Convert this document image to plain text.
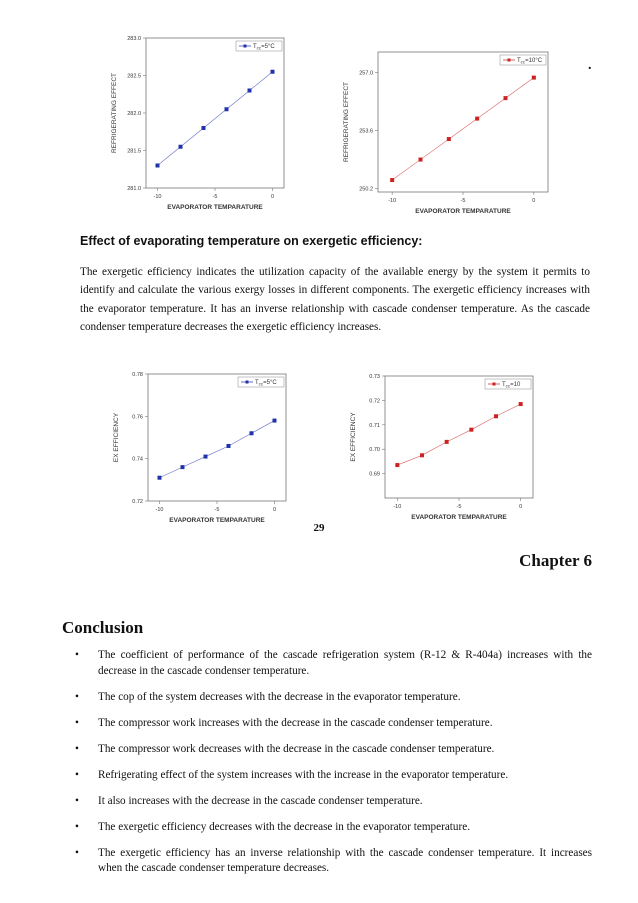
-10	-5	0
281.0
281.5
282.0
282.5
283.0
EVAPORATOR TEMPARATURE
REFRIGERATING EFFECT
$T_{cc}=5^\circ C$
-10	-5	0
250.2
253.6
257.0
EVAPORATOR TEMPARATURE
REFRIGERATING EFFECT
$T_{cc}=10^\circ C$	.
Effect of evaporating temperature on exergetic efficiency:
The exergetic efficiency indicates the utilization capacity of the available energy by the system it permits to identify and calculate the various exergy losses in different components. The exergetic efficiency increases with the evaporator temperature. It has an inverse relationship with cascade condenser temperature. As the cascade condenser temperature decreases the exergetic efficiency increases.
-10	-5	0
0.72
0.74
0.76
0.78
EVAPORATOR TEMPARATURE
EX EFFICIENCY
$T_{cc}=5^\circ C$
-10	-5	0
0.69
0.70
0.71
0.72
0.73
EVAPORATOR TEMPARATURE
EX EFFICIENCY
$T_{cc}=10$
29
Chapter 6
Conclusion
• The coefficient of performance of the cascade refrigeration system (R-12 & R-404a) increases with the decrease in the cascade condenser temperature.
• The cop of the system decreases with the decrease in the evaporator temperature.
• The compressor work increases with the decrease in the cascade condenser temperature.
• The compressor work decreases with the decrease in the cascade condenser temperature.
• Refrigerating effect of the system increases with the increase in the evaporator temperature.
• It also increases with the decrease in the cascade condenser temperature.
• The exergetic efficiency decreases with the decrease in the evaporator temperature.
• The exergetic efficiency has an inverse relationship with the cascade condenser temperature. It increases when the cascade condenser temperature decreases.
